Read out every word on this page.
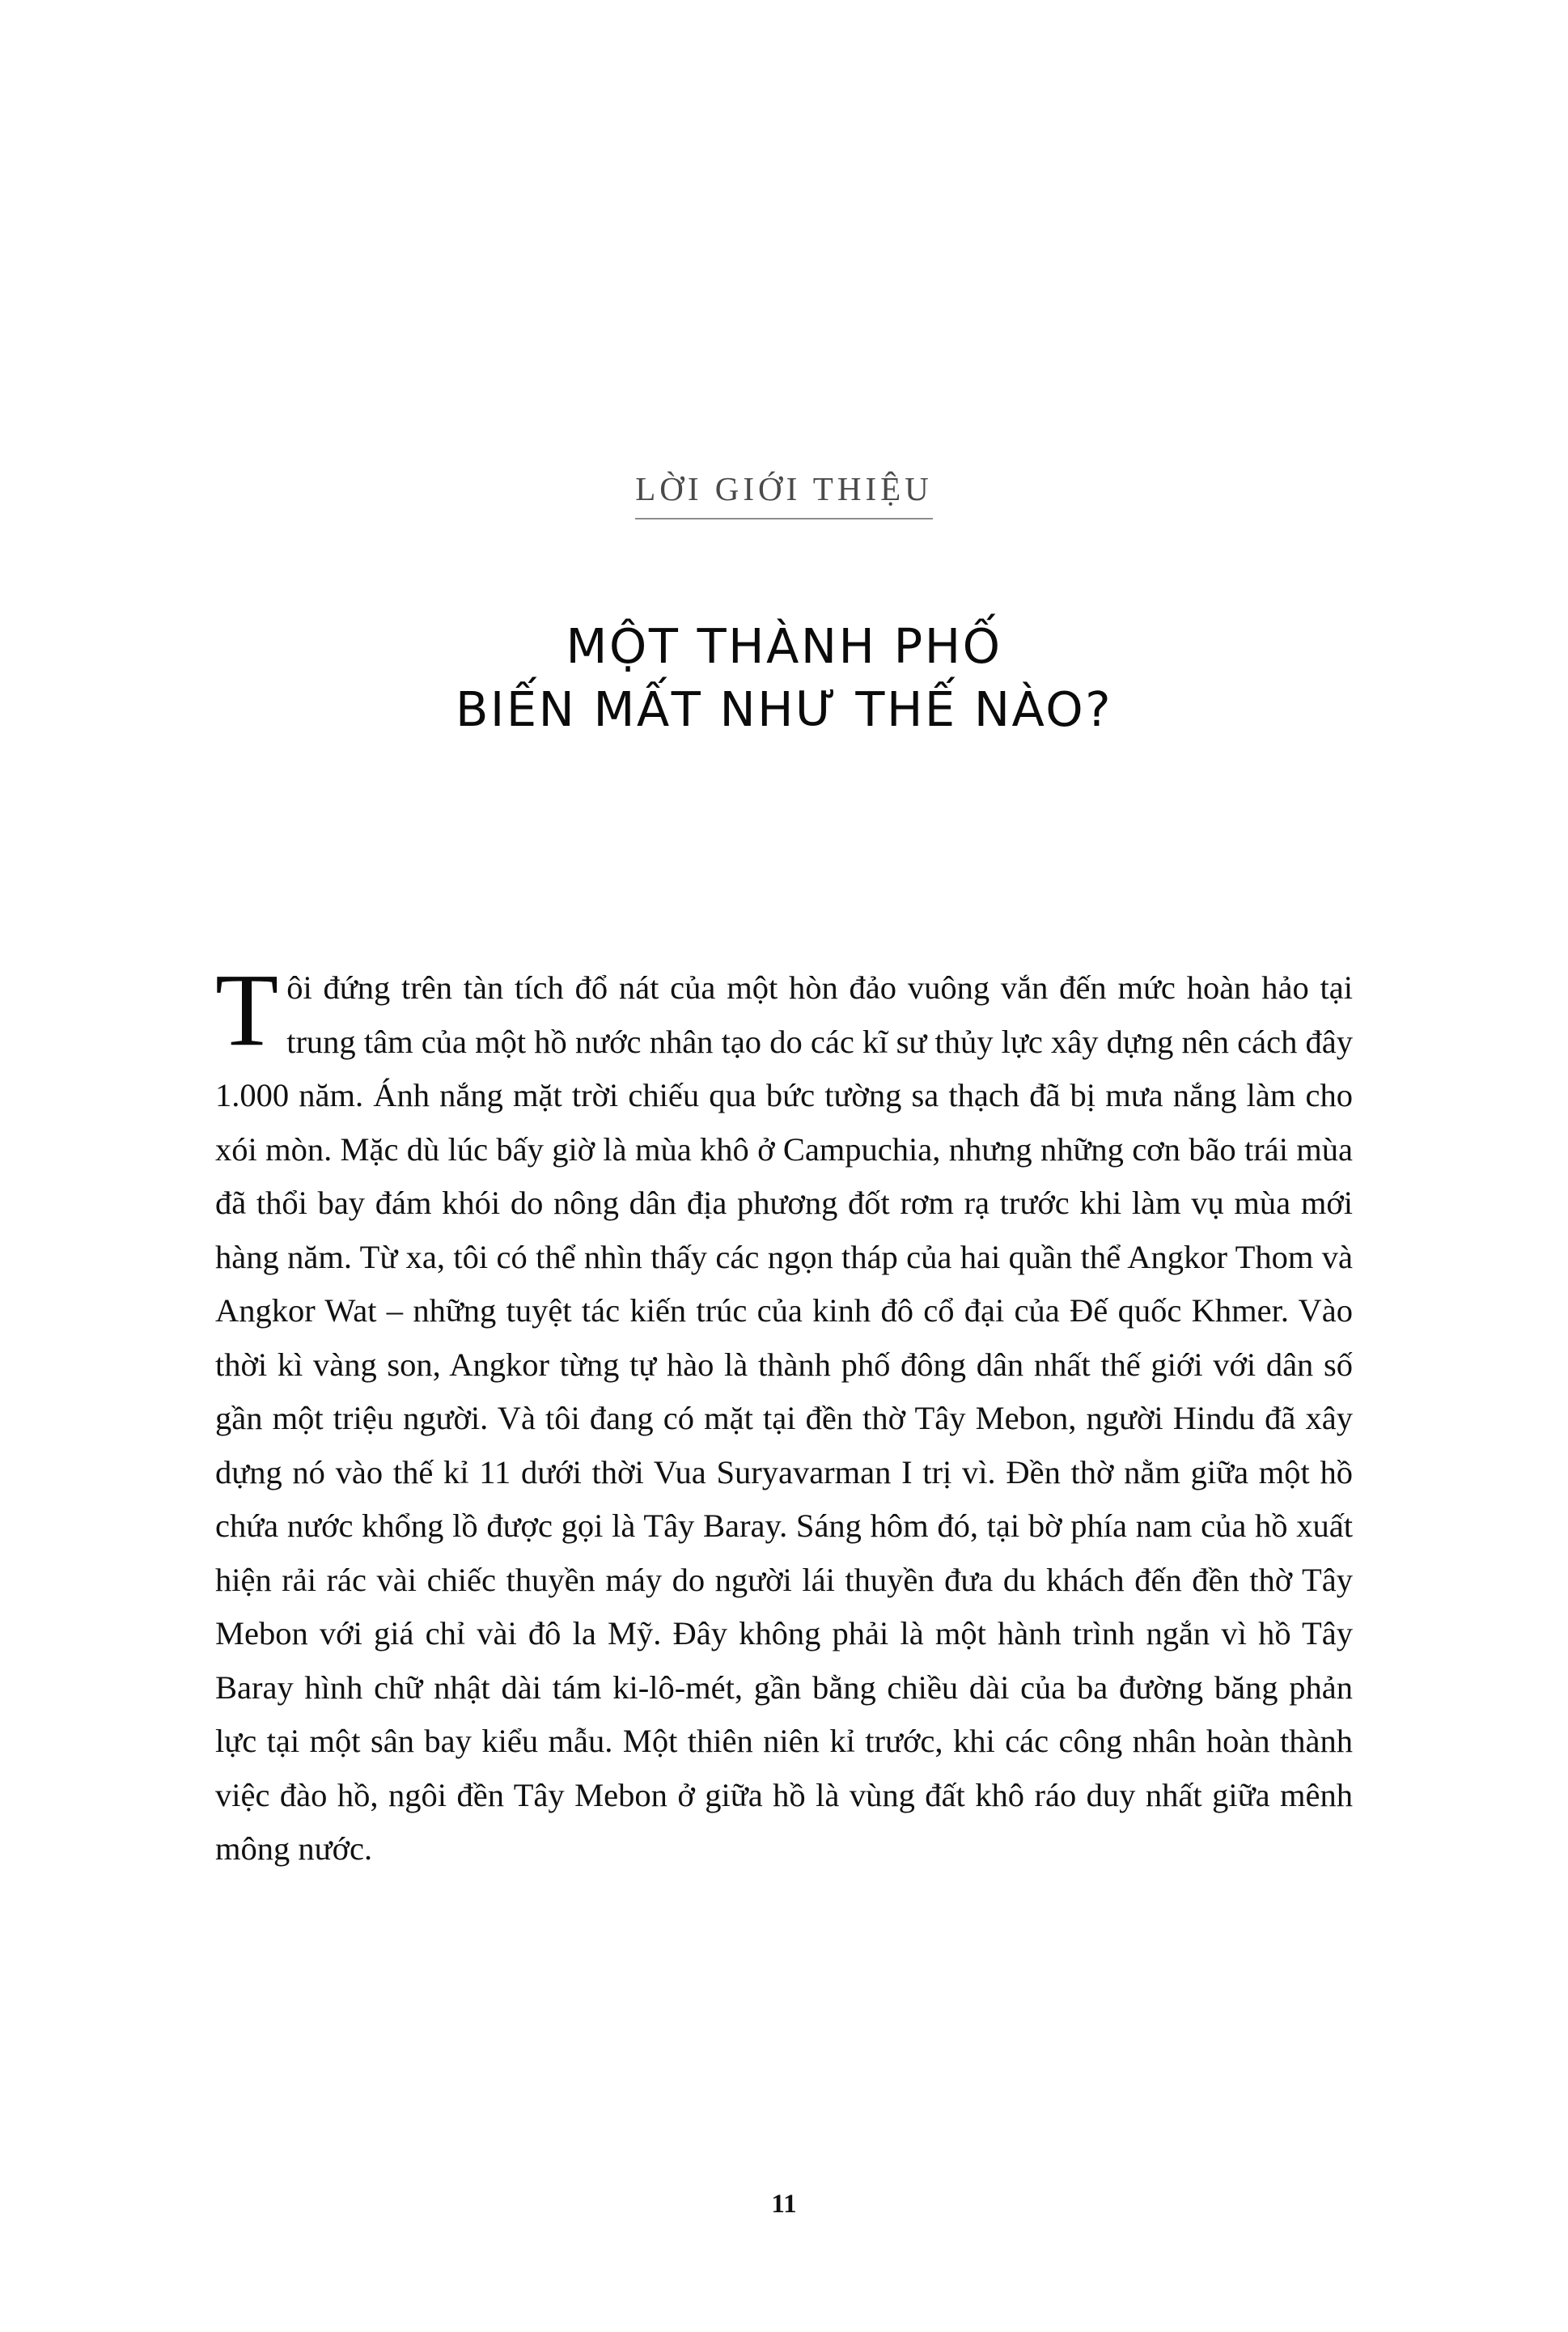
LỜI GIỚI THIỆU
MỘT THÀNH PHỐ
BIẾN MẤT NHƯ THẾ NÀO?
T ôi đứng trên tàn tích đổ nát của một hòn đảo vuông vắn đến mức hoàn hảo tại trung tâm của một hồ nước nhân tạo do các kĩ sư thủy lực xây dựng nên cách đây 1.000 năm. Ánh nắng mặt trời chiếu qua bức tường sa thạch đã bị mưa nắng làm cho xói mòn. Mặc dù lúc bấy giờ là mùa khô ở Campuchia, nhưng những cơn bão trái mùa đã thổi bay đám khói do nông dân địa phương đốt rơm rạ trước khi làm vụ mùa mới hàng năm. Từ xa, tôi có thể nhìn thấy các ngọn tháp của hai quần thể Angkor Thom và Angkor Wat – những tuyệt tác kiến trúc của kinh đô cổ đại của Đế quốc Khmer. Vào thời kì vàng son, Angkor từng tự hào là thành phố đông dân nhất thế giới với dân số gần một triệu người. Và tôi đang có mặt tại đền thờ Tây Mebon, người Hindu đã xây dựng nó vào thế kỉ 11 dưới thời Vua Suryavarman I trị vì. Đền thờ nằm giữa một hồ chứa nước khổng lồ được gọi là Tây Baray. Sáng hôm đó, tại bờ phía nam của hồ xuất hiện rải rác vài chiếc thuyền máy do người lái thuyền đưa du khách đến đền thờ Tây Mebon với giá chỉ vài đô la Mỹ. Đây không phải là một hành trình ngắn vì hồ Tây Baray hình chữ nhật dài tám ki-lô-mét, gần bằng chiều dài của ba đường băng phản lực tại một sân bay kiểu mẫu. Một thiên niên kỉ trước, khi các công nhân hoàn thành việc đào hồ, ngôi đền Tây Mebon ở giữa hồ là vùng đất khô ráo duy nhất giữa mênh mông nước.

11
